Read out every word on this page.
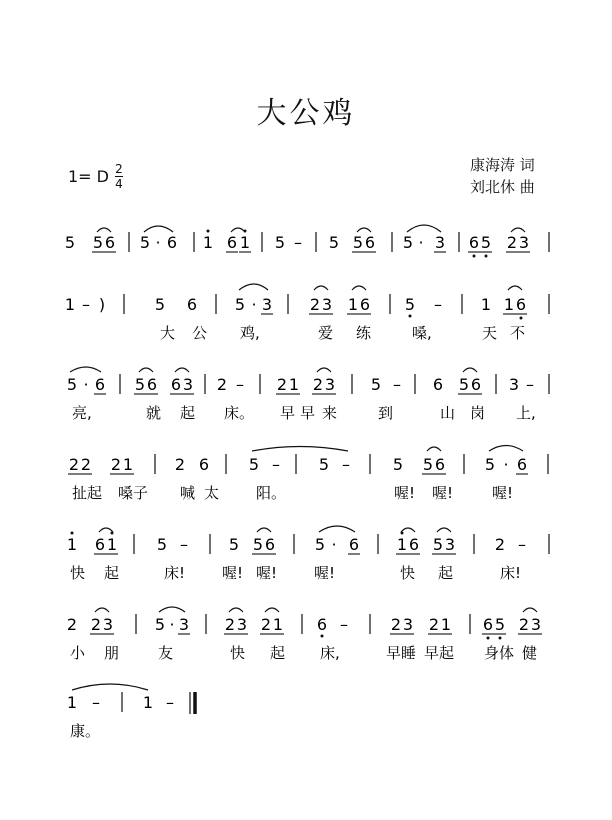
大公鸡
1= D $\frac{2}{4}$	康海涛 词
刘北休 曲
5 5 6 5 · 6 1 6 1 5 – 5 5 6 5 · 3 6 5 2 3
1 – )	5 6 5 · 3 2 3 1 6 5 – 1 1 6
大 公 鸡,	爱 练	嗓,	天 不
5 · 6 5 6 6 3 2 – 2 1 2 3 5 – 6 5 6 3 –
亮,	就 起 床。 早 早 来	到	山 岗 上,
2 2 2 1	2 6 5 – 5 –	5 5 6 5 · 6
扯起 嗓子 喊 太 阳。	喔! 喔!	喔!
1 6 1 5 –	5 5 6 5 · 6 1 6 5 3 2 –
快 起	床! 喔! 喔! 喔!	快 起	床!
2 2 3	5 · 3 2 3 2 1 6 –	2 3 2 1 6 5 2 3
小 朋	友	快 起 床,	早睡 早起 身体 健
1 –	1 –
康。
